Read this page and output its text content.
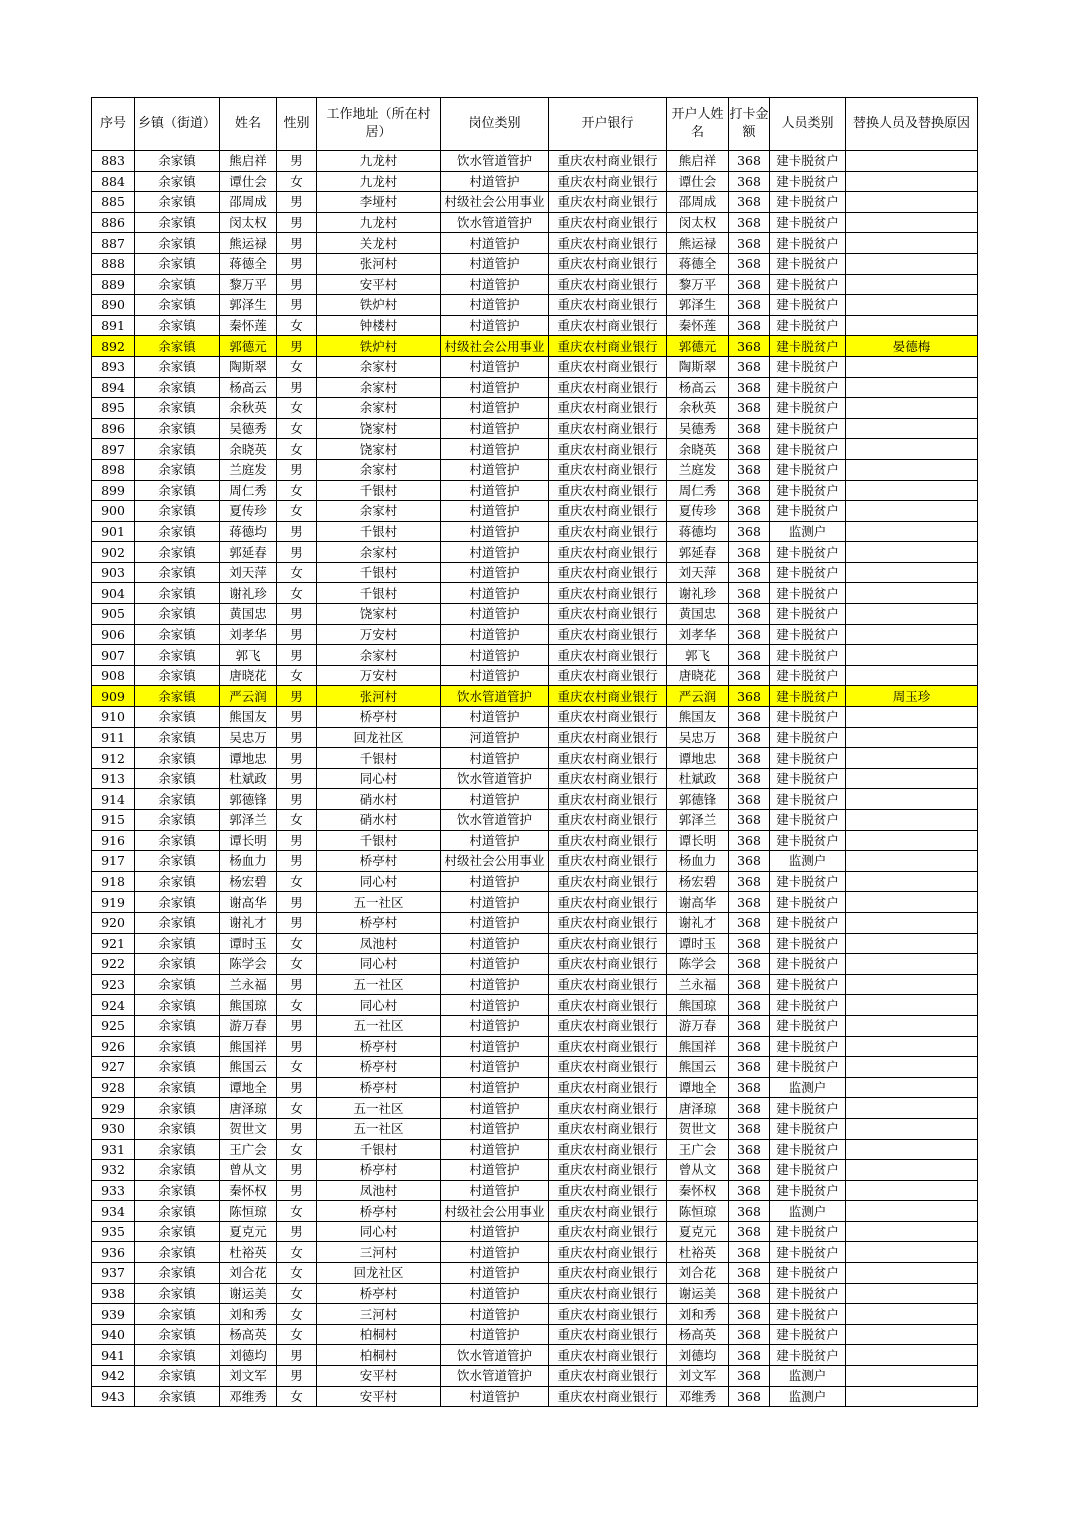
序号	乡镇（街道）	姓名	性别	工作地址（所在村居）	岗位类别	开户银行	开户人姓名	打卡金额	人员类别	替换人员及替换原因
883	余家镇	熊启祥	男	九龙村	饮水管道管护	重庆农村商业银行	熊启祥	368	建卡脱贫户	
884	余家镇	谭仕会	女	九龙村	村道管护	重庆农村商业银行	谭仕会	368	建卡脱贫户	
885	余家镇	邵周成	男	李垭村	村级社会公用事业	重庆农村商业银行	邵周成	368	建卡脱贫户	
886	余家镇	闵太权	男	九龙村	饮水管道管护	重庆农村商业银行	闵太权	368	建卡脱贫户	
887	余家镇	熊运禄	男	关龙村	村道管护	重庆农村商业银行	熊运禄	368	建卡脱贫户	
888	余家镇	蒋德全	男	张河村	村道管护	重庆农村商业银行	蒋德全	368	建卡脱贫户	
889	余家镇	黎万平	男	安平村	村道管护	重庆农村商业银行	黎万平	368	建卡脱贫户	
890	余家镇	郭泽生	男	铁炉村	村道管护	重庆农村商业银行	郭泽生	368	建卡脱贫户	
891	余家镇	秦怀莲	女	钟楼村	村道管护	重庆农村商业银行	秦怀莲	368	建卡脱贫户	
892	余家镇	郭德元	男	铁炉村	村级社会公用事业	重庆农村商业银行	郭德元	368	建卡脱贫户	晏德梅
893	余家镇	陶斯翠	女	余家村	村道管护	重庆农村商业银行	陶斯翠	368	建卡脱贫户	
894	余家镇	杨高云	男	余家村	村道管护	重庆农村商业银行	杨高云	368	建卡脱贫户	
895	余家镇	余秋英	女	余家村	村道管护	重庆农村商业银行	余秋英	368	建卡脱贫户	
896	余家镇	吴德秀	女	饶家村	村道管护	重庆农村商业银行	吴德秀	368	建卡脱贫户	
897	余家镇	余晓英	女	饶家村	村道管护	重庆农村商业银行	余晓英	368	建卡脱贫户	
898	余家镇	兰庭发	男	余家村	村道管护	重庆农村商业银行	兰庭发	368	建卡脱贫户	
899	余家镇	周仁秀	女	千银村	村道管护	重庆农村商业银行	周仁秀	368	建卡脱贫户	
900	余家镇	夏传珍	女	余家村	村道管护	重庆农村商业银行	夏传珍	368	建卡脱贫户	
901	余家镇	蒋德均	男	千银村	村道管护	重庆农村商业银行	蒋德均	368	监测户	
902	余家镇	郭延春	男	余家村	村道管护	重庆农村商业银行	郭延春	368	建卡脱贫户	
903	余家镇	刘天萍	女	千银村	村道管护	重庆农村商业银行	刘天萍	368	建卡脱贫户	
904	余家镇	谢礼珍	女	千银村	村道管护	重庆农村商业银行	谢礼珍	368	建卡脱贫户	
905	余家镇	黄国忠	男	饶家村	村道管护	重庆农村商业银行	黄国忠	368	建卡脱贫户	
906	余家镇	刘孝华	男	万安村	村道管护	重庆农村商业银行	刘孝华	368	建卡脱贫户	
907	余家镇	郭飞	男	余家村	村道管护	重庆农村商业银行	郭飞	368	建卡脱贫户	
908	余家镇	唐晓花	女	万安村	村道管护	重庆农村商业银行	唐晓花	368	建卡脱贫户	
909	余家镇	严云润	男	张河村	饮水管道管护	重庆农村商业银行	严云润	368	建卡脱贫户	周玉珍
910	余家镇	熊国友	男	桥亭村	村道管护	重庆农村商业银行	熊国友	368	建卡脱贫户	
911	余家镇	吴忠万	男	回龙社区	河道管护	重庆农村商业银行	吴忠万	368	建卡脱贫户	
912	余家镇	谭地忠	男	千银村	村道管护	重庆农村商业银行	谭地忠	368	建卡脱贫户	
913	余家镇	杜斌政	男	同心村	饮水管道管护	重庆农村商业银行	杜斌政	368	建卡脱贫户	
914	余家镇	郭德锋	男	硝水村	村道管护	重庆农村商业银行	郭德锋	368	建卡脱贫户	
915	余家镇	郭泽兰	女	硝水村	饮水管道管护	重庆农村商业银行	郭泽兰	368	建卡脱贫户	
916	余家镇	谭长明	男	千银村	村道管护	重庆农村商业银行	谭长明	368	建卡脱贫户	
917	余家镇	杨血力	男	桥亭村	村级社会公用事业	重庆农村商业银行	杨血力	368	监测户	
918	余家镇	杨宏碧	女	同心村	村道管护	重庆农村商业银行	杨宏碧	368	建卡脱贫户	
919	余家镇	谢高华	男	五一社区	村道管护	重庆农村商业银行	谢高华	368	建卡脱贫户	
920	余家镇	谢礼才	男	桥亭村	村道管护	重庆农村商业银行	谢礼才	368	建卡脱贫户	
921	余家镇	谭时玉	女	凤池村	村道管护	重庆农村商业银行	谭时玉	368	建卡脱贫户	
922	余家镇	陈学会	女	同心村	村道管护	重庆农村商业银行	陈学会	368	建卡脱贫户	
923	余家镇	兰永福	男	五一社区	村道管护	重庆农村商业银行	兰永福	368	建卡脱贫户	
924	余家镇	熊国琼	女	同心村	村道管护	重庆农村商业银行	熊国琼	368	建卡脱贫户	
925	余家镇	游万春	男	五一社区	村道管护	重庆农村商业银行	游万春	368	建卡脱贫户	
926	余家镇	熊国祥	男	桥亭村	村道管护	重庆农村商业银行	熊国祥	368	建卡脱贫户	
927	余家镇	熊国云	女	桥亭村	村道管护	重庆农村商业银行	熊国云	368	建卡脱贫户	
928	余家镇	谭地全	男	桥亭村	村道管护	重庆农村商业银行	谭地全	368	监测户	
929	余家镇	唐泽琼	女	五一社区	村道管护	重庆农村商业银行	唐泽琼	368	建卡脱贫户	
930	余家镇	贺世文	男	五一社区	村道管护	重庆农村商业银行	贺世文	368	建卡脱贫户	
931	余家镇	王广会	女	千银村	村道管护	重庆农村商业银行	王广会	368	建卡脱贫户	
932	余家镇	曾从文	男	桥亭村	村道管护	重庆农村商业银行	曾从文	368	建卡脱贫户	
933	余家镇	秦怀权	男	凤池村	村道管护	重庆农村商业银行	秦怀权	368	建卡脱贫户	
934	余家镇	陈恒琼	女	桥亭村	村级社会公用事业	重庆农村商业银行	陈恒琼	368	监测户	
935	余家镇	夏克元	男	同心村	村道管护	重庆农村商业银行	夏克元	368	建卡脱贫户	
936	余家镇	杜裕英	女	三河村	村道管护	重庆农村商业银行	杜裕英	368	建卡脱贫户	
937	余家镇	刘合花	女	回龙社区	村道管护	重庆农村商业银行	刘合花	368	建卡脱贫户	
938	余家镇	谢运美	女	桥亭村	村道管护	重庆农村商业银行	谢运美	368	建卡脱贫户	
939	余家镇	刘和秀	女	三河村	村道管护	重庆农村商业银行	刘和秀	368	建卡脱贫户	
940	余家镇	杨高英	女	柏桐村	村道管护	重庆农村商业银行	杨高英	368	建卡脱贫户	
941	余家镇	刘德均	男	柏桐村	饮水管道管护	重庆农村商业银行	刘德均	368	建卡脱贫户	
942	余家镇	刘文军	男	安平村	饮水管道管护	重庆农村商业银行	刘文军	368	监测户	
943	余家镇	邓维秀	女	安平村	村道管护	重庆农村商业银行	邓维秀	368	监测户	
